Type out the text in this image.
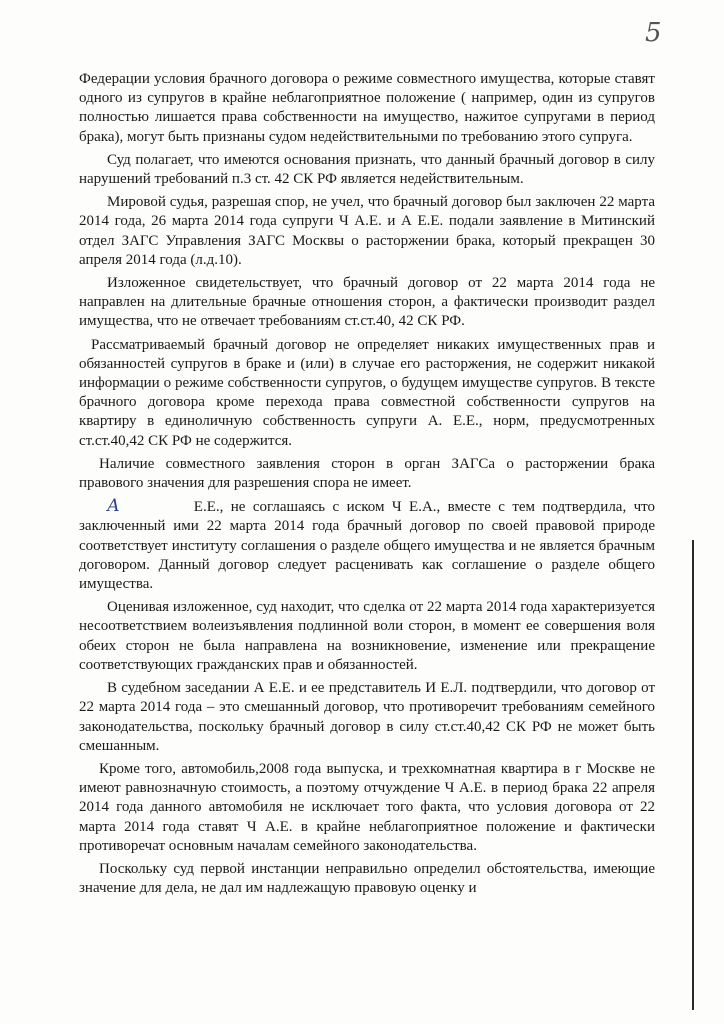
5

Федерации условия брачного договора о режиме совместного имущества, которые ставят одного из супругов в крайне неблагоприятное положение ( например, один из супругов полностью лишается права собственности на имущество, нажитое супругами в период брака), могут быть признаны судом недействительными по требованию этого супруга.

Суд полагает, что имеются основания признать, что данный брачный договор в силу нарушений требований п.3 ст. 42 СК РФ является недействительным.

Мировой судья, разрешая спор, не учел, что брачный договор был заключен 22 марта 2014 года, 26 марта 2014 года супруги Ч А.Е. и А Е.Е. подали заявление в Митинский отдел ЗАГС Управления ЗАГС Москвы о расторжении брака, который прекращен 30 апреля 2014 года (л.д.10).

Изложенное свидетельствует, что брачный договор от 22 марта 2014 года не направлен на длительные брачные отношения сторон, а фактически производит раздел имущества, что не отвечает требованиям ст.ст.40, 42 СК РФ.

Рассматриваемый брачный договор не определяет никаких имущественных прав и обязанностей супругов в браке и (или) в случае его расторжения, не содержит никакой информации о режиме собственности супругов, о будущем имуществе супругов. В тексте брачного договора кроме перехода права совместной собственности супругов на квартиру в единоличную собственность супруги А. Е.Е., норм, предусмотренных ст.ст.40,42 СК РФ не содержится.

Наличие совместного заявления сторон в орган ЗАГСа о расторжении брака правового значения для разрешения спора не имеет.

А	Е.Е., не соглашаясь с иском Ч Е.А., вместе с тем подтвердила, что заключенный ими 22 марта 2014 года брачный договор по своей правовой природе соответствует институту соглашения о разделе общего имущества и не является брачным договором. Данный договор следует расценивать как соглашение о разделе общего имущества.

Оценивая изложенное, суд находит, что сделка от 22 марта 2014 года характеризуется несоответствием волеизъявления подлинной воли сторон, в момент ее совершения воля обеих сторон не была направлена на возникновение, изменение или прекращение соответствующих гражданских прав и обязанностей.

В судебном заседании А Е.Е. и ее представитель И Е.Л. подтвердили, что договор от 22 марта 2014 года – это смешанный договор, что противоречит требованиям семейного законодательства, поскольку брачный договор в силу ст.ст.40,42 СК РФ не может быть смешанным.

Кроме того, автомобиль,2008 года выпуска, и трехкомнатная квартира в г Москве не имеют равнозначную стоимость, а поэтому отчуждение Ч А.Е. в период брака 22 апреля 2014 года данного автомобиля не исключает того факта, что условия договора от 22 марта 2014 года ставят Ч А.Е. в крайне неблагоприятное положение и фактически противоречат основным началам семейного законодательства.

Поскольку суд первой инстанции неправильно определил обстоятельства, имеющие значение для дела, не дал им надлежащую правовую оценку и
